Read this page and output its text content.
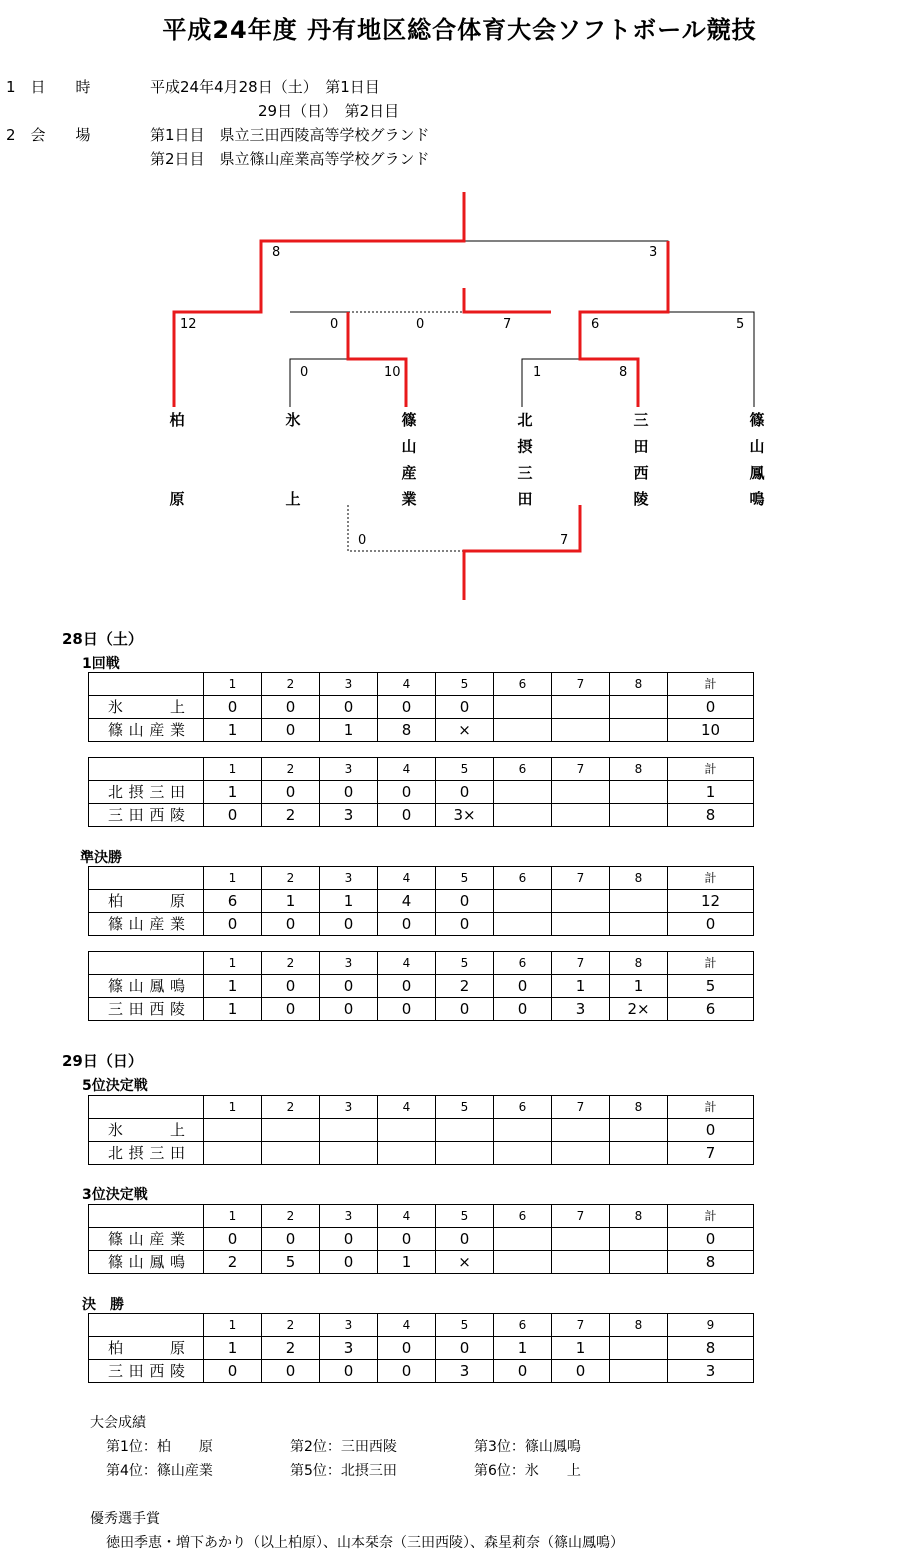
平成24年度 丹有地区総合体育大会ソフトボール競技
1　日　　時	平成24年4月28日（土）　第1日目
29日（日）　第2日目
2　会　　場	第1日目　県立三田西陵高等学校グランド
第2日目　県立篠山産業高等学校グランド
8	3
12	0	0	7	6	5
0	10	1	8
0	7
柏原	氷上	篠山産業	北摂三田	三田西陵	篠山鳳鳴
28日（土）
1回戦
準決勝
29日（日）
5位決定戦
3位決定戦
決　勝
大会成績
第1位：柏　　原	第2位：三田西陵	第3位：篠山鳳鳴
第4位：篠山産業	第5位：北摂三田	第6位：氷　　上
優秀選手賞
徳田季恵・増下あかり（以上柏原）、山本栞奈（三田西陵）、森星莉奈（篠山鳳鳴）
	1	2	3	4	5	6	7	8	計
氷　　上	0	0	0	0	0				0
篠山産業	1	0	1	8	×				10
	1	2	3	4	5	6	7	8	計
北摂三田	1	0	0	0	0				1
三田西陵	0	2	3	0	3×				8
	1	2	3	4	5	6	7	8	計
柏　　原	6	1	1	4	0				12
篠山産業	0	0	0	0	0				0
	1	2	3	4	5	6	7	8	計
篠山鳳鳴	1	0	0	0	2	0	1	1	5
三田西陵	1	0	0	0	0	0	3	2×	6
	1	2	3	4	5	6	7	8	計
氷　　上									0
北摂三田									7
	1	2	3	4	5	6	7	8	計
篠山産業	0	0	0	0	0				0
篠山鳳鳴	2	5	0	1	×				8
	1	2	3	4	5	6	7	8	9
柏　　原	1	2	3	0	0	1	1		8
三田西陵	0	0	0	0	3	0	0		3
